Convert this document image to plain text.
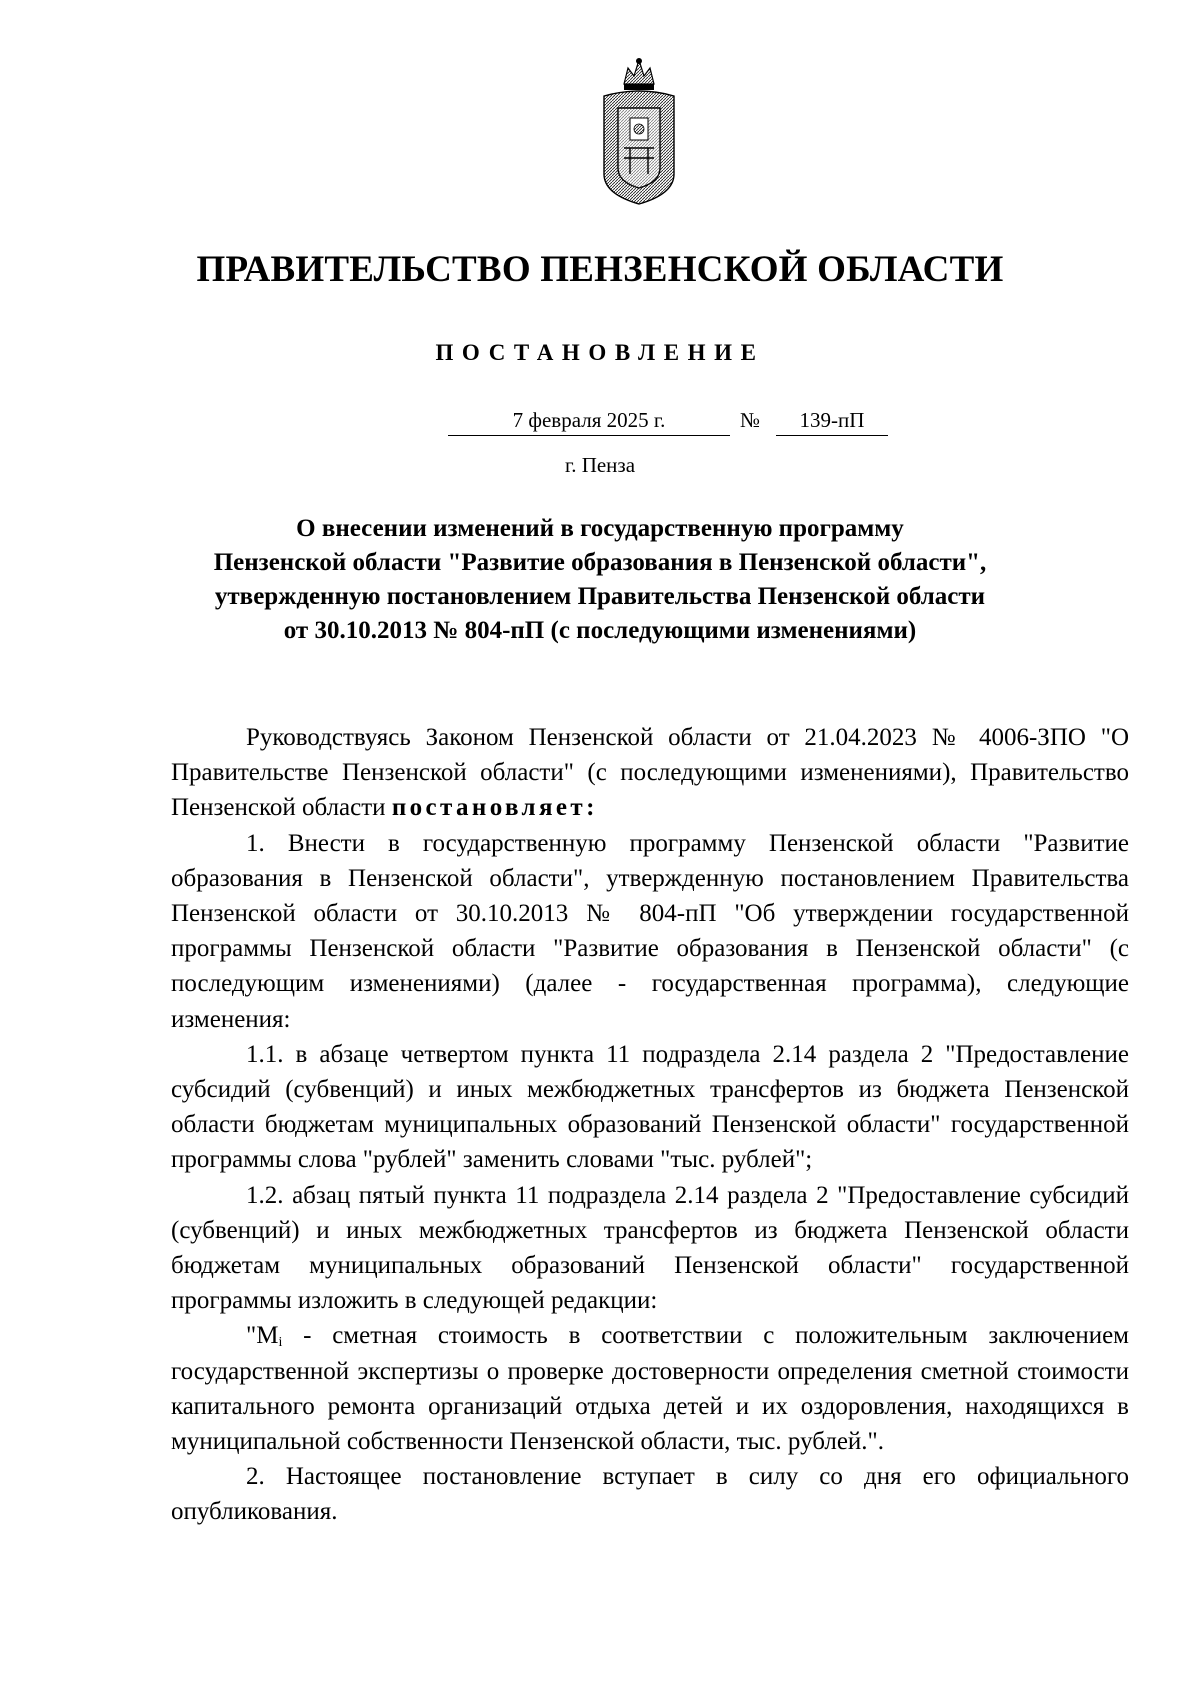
ПРАВИТЕЛЬСТВО ПЕНЗЕНСКОЙ ОБЛАСТИ
ПОСТАНОВЛЕНИЕ
7 февраля 2025 г.	№	139-пП
г. Пенза
О внесении изменений в государственную программу
Пензенской области "Развитие образования в Пензенской области",
утвержденную постановлением Правительства Пензенской области
от 30.10.2013 № 804-пП (с последующими изменениями)

Руководствуясь Законом Пензенской области от 21.04.2023 № 4006-ЗПО "О Правительстве Пензенской области" (с последующими изменениями), Правительство Пензенской области постановляет:

1. Внести в государственную программу Пензенской области "Развитие образования в Пензенской области", утвержденную постановлением Правительства Пензенской области от 30.10.2013 № 804-пП "Об утверждении государственной программы Пензенской области "Развитие образования в Пензенской области" (с последующим изменениями) (далее - государственная программа), следующие изменения:

1.1. в абзаце четвертом пункта 11 подраздела 2.14 раздела 2 "Предоставление субсидий (субвенций) и иных межбюджетных трансфертов из бюджета Пензенской области бюджетам муниципальных образований Пензенской области" государственной программы слова "рублей" заменить словами "тыс. рублей";

1.2. абзац пятый пункта 11 подраздела 2.14 раздела 2 "Предоставление субсидий (субвенций) и иных межбюджетных трансфертов из бюджета Пензенской области бюджетам муниципальных образований Пензенской области" государственной программы изложить в следующей редакции:

"$M_i$ - сметная стоимость в соответствии с положительным заключением государственной экспертизы о проверке достоверности определения сметной стоимости капитального ремонта организаций отдыха детей и их оздоровления, находящихся в муниципальной собственности Пензенской области, тыс. рублей.".

2. Настоящее постановление вступает в силу со дня его официального опубликования.
